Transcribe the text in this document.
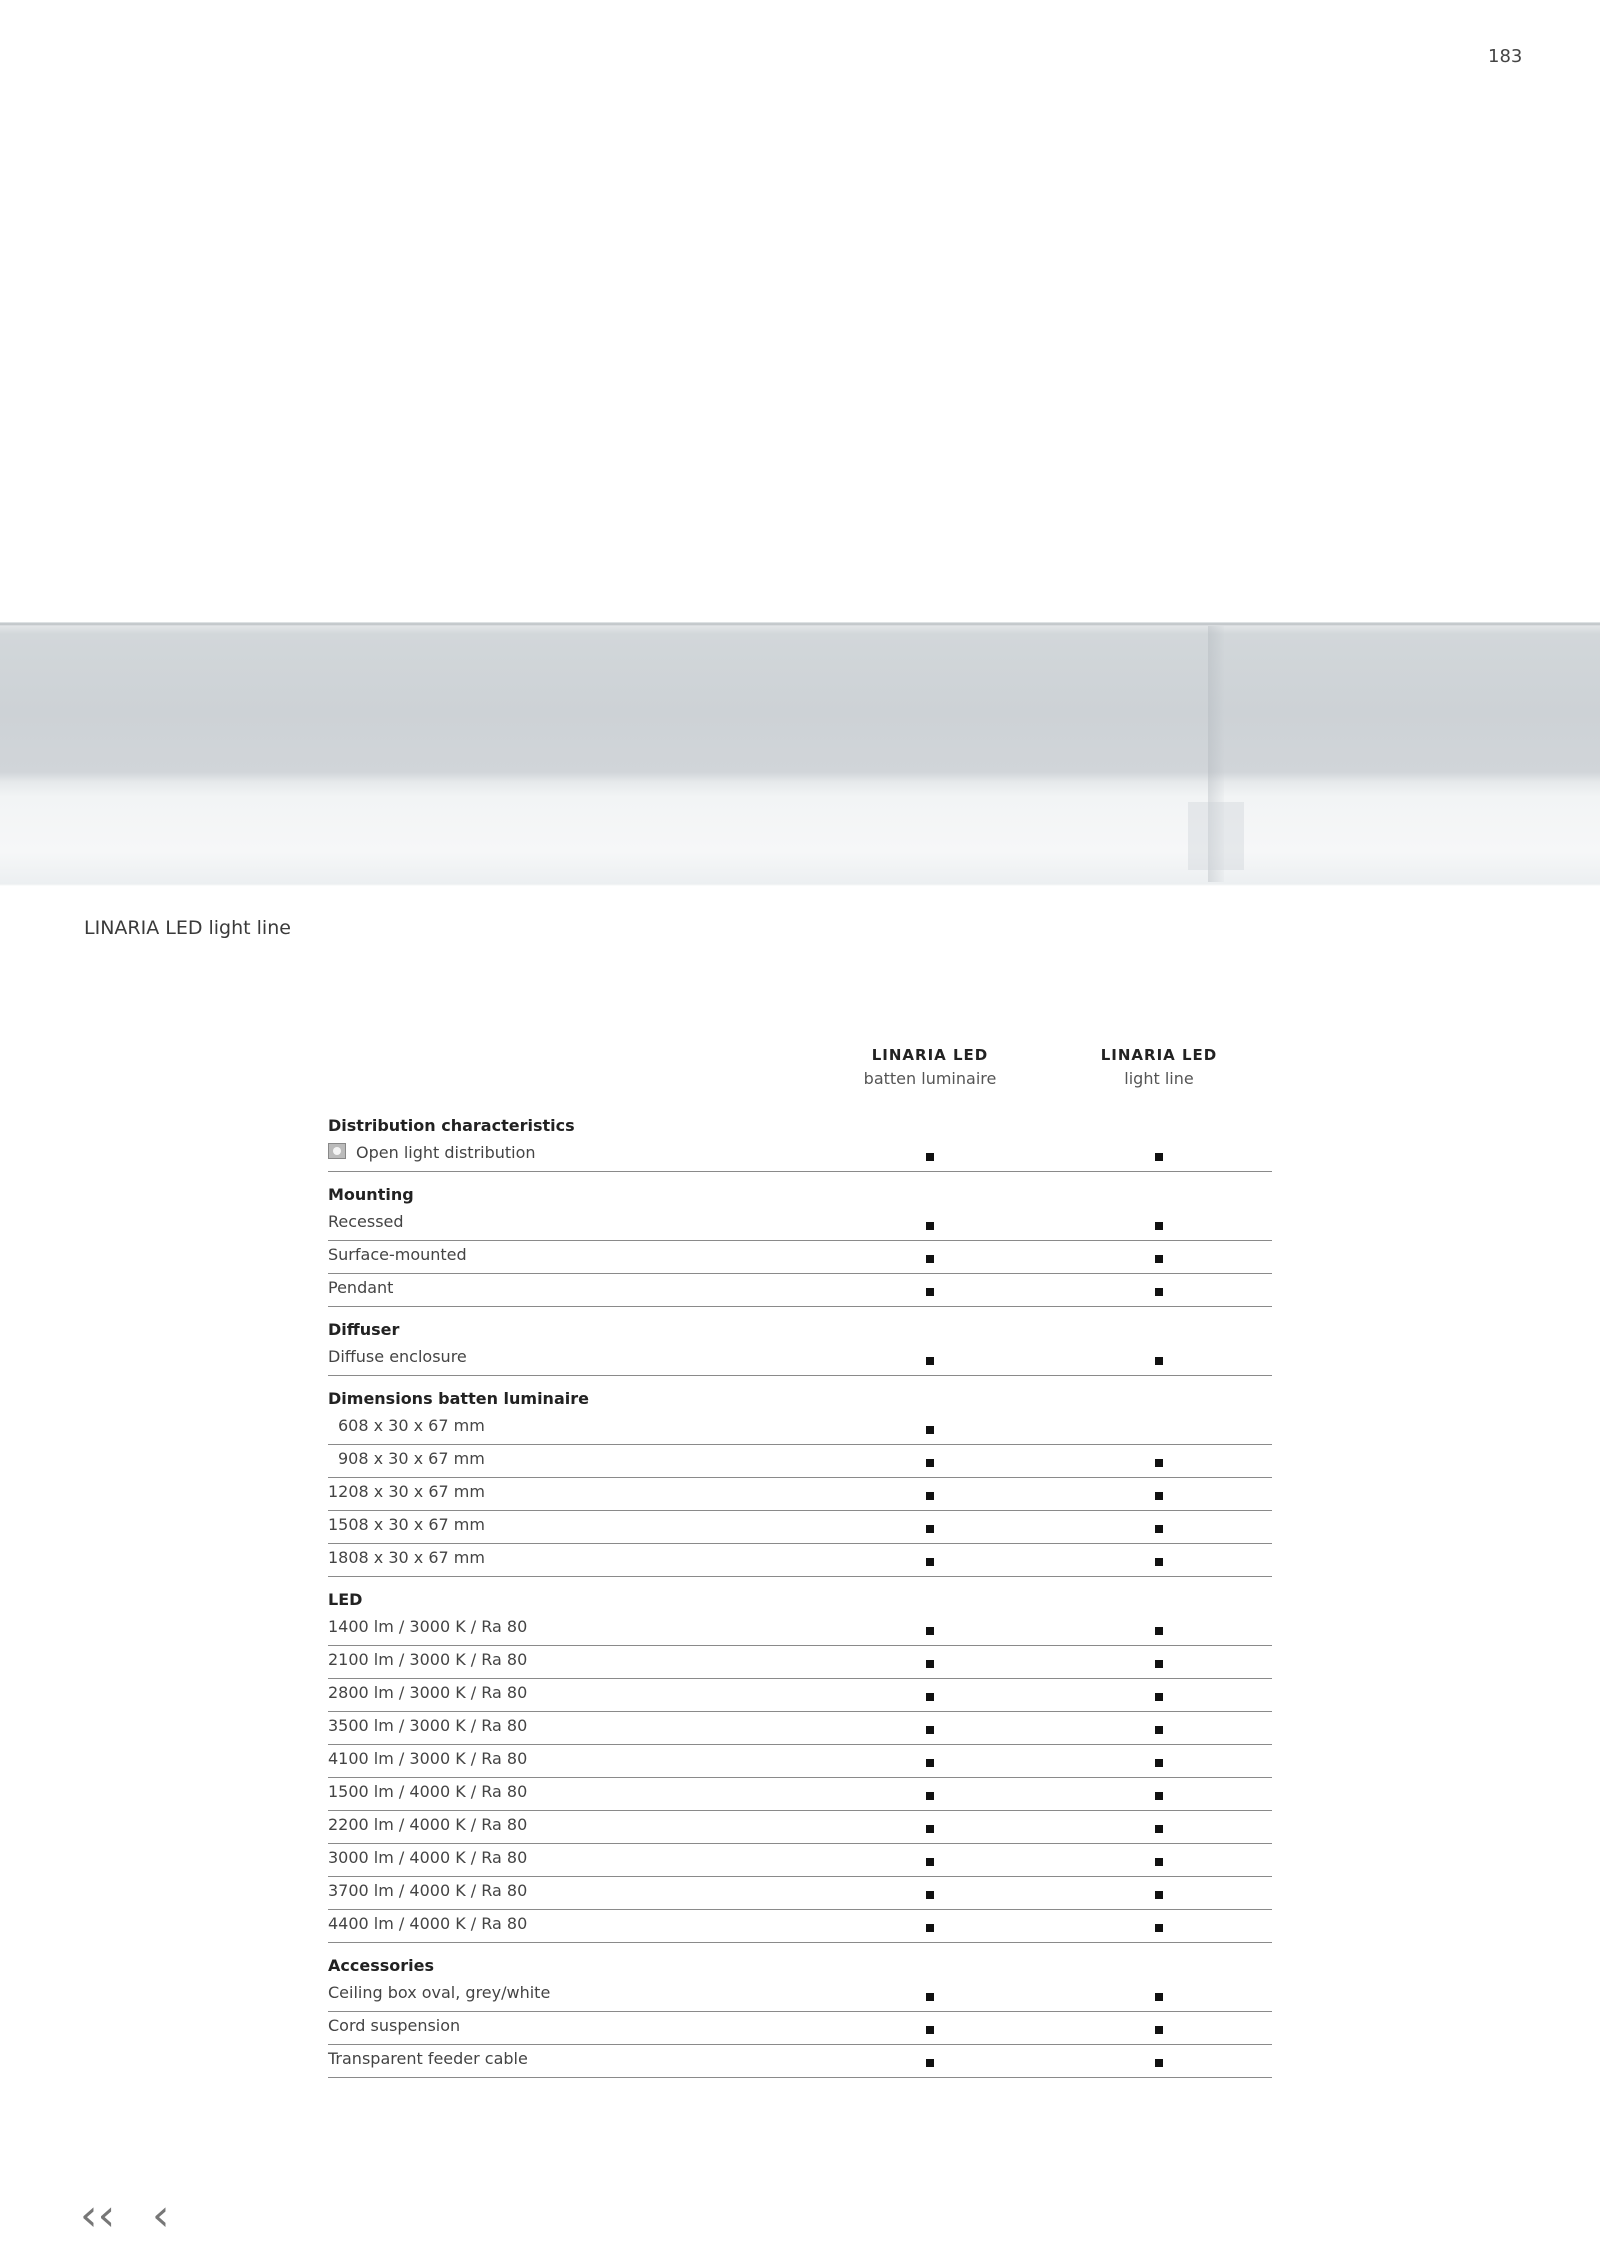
183
LINARIA LED light line
LINARIA LED
batten luminaire
LINARIA LED
light line
Distribution characteristics
Open light distribution
Mounting
Recessed
Surface-mounted
Pendant
Diffuser
Diffuse enclosure
Dimensions batten luminaire
608 x 30 x 67 mm
908 x 30 x 67 mm
1208 x 30 x 67 mm
1508 x 30 x 67 mm
1808 x 30 x 67 mm
LED
1400 lm / 3000 K / Ra 80
2100 lm / 3000 K / Ra 80
2800 lm / 3000 K / Ra 80
3500 lm / 3000 K / Ra 80
4100 lm / 3000 K / Ra 80
1500 lm / 4000 K / Ra 80
2200 lm / 4000 K / Ra 80
3000 lm / 4000 K / Ra 80
3700 lm / 4000 K / Ra 80
4400 lm / 4000 K / Ra 80
Accessories
Ceiling box oval, grey/white
Cord suspension
Transparent feeder cable
‹‹ ‹
